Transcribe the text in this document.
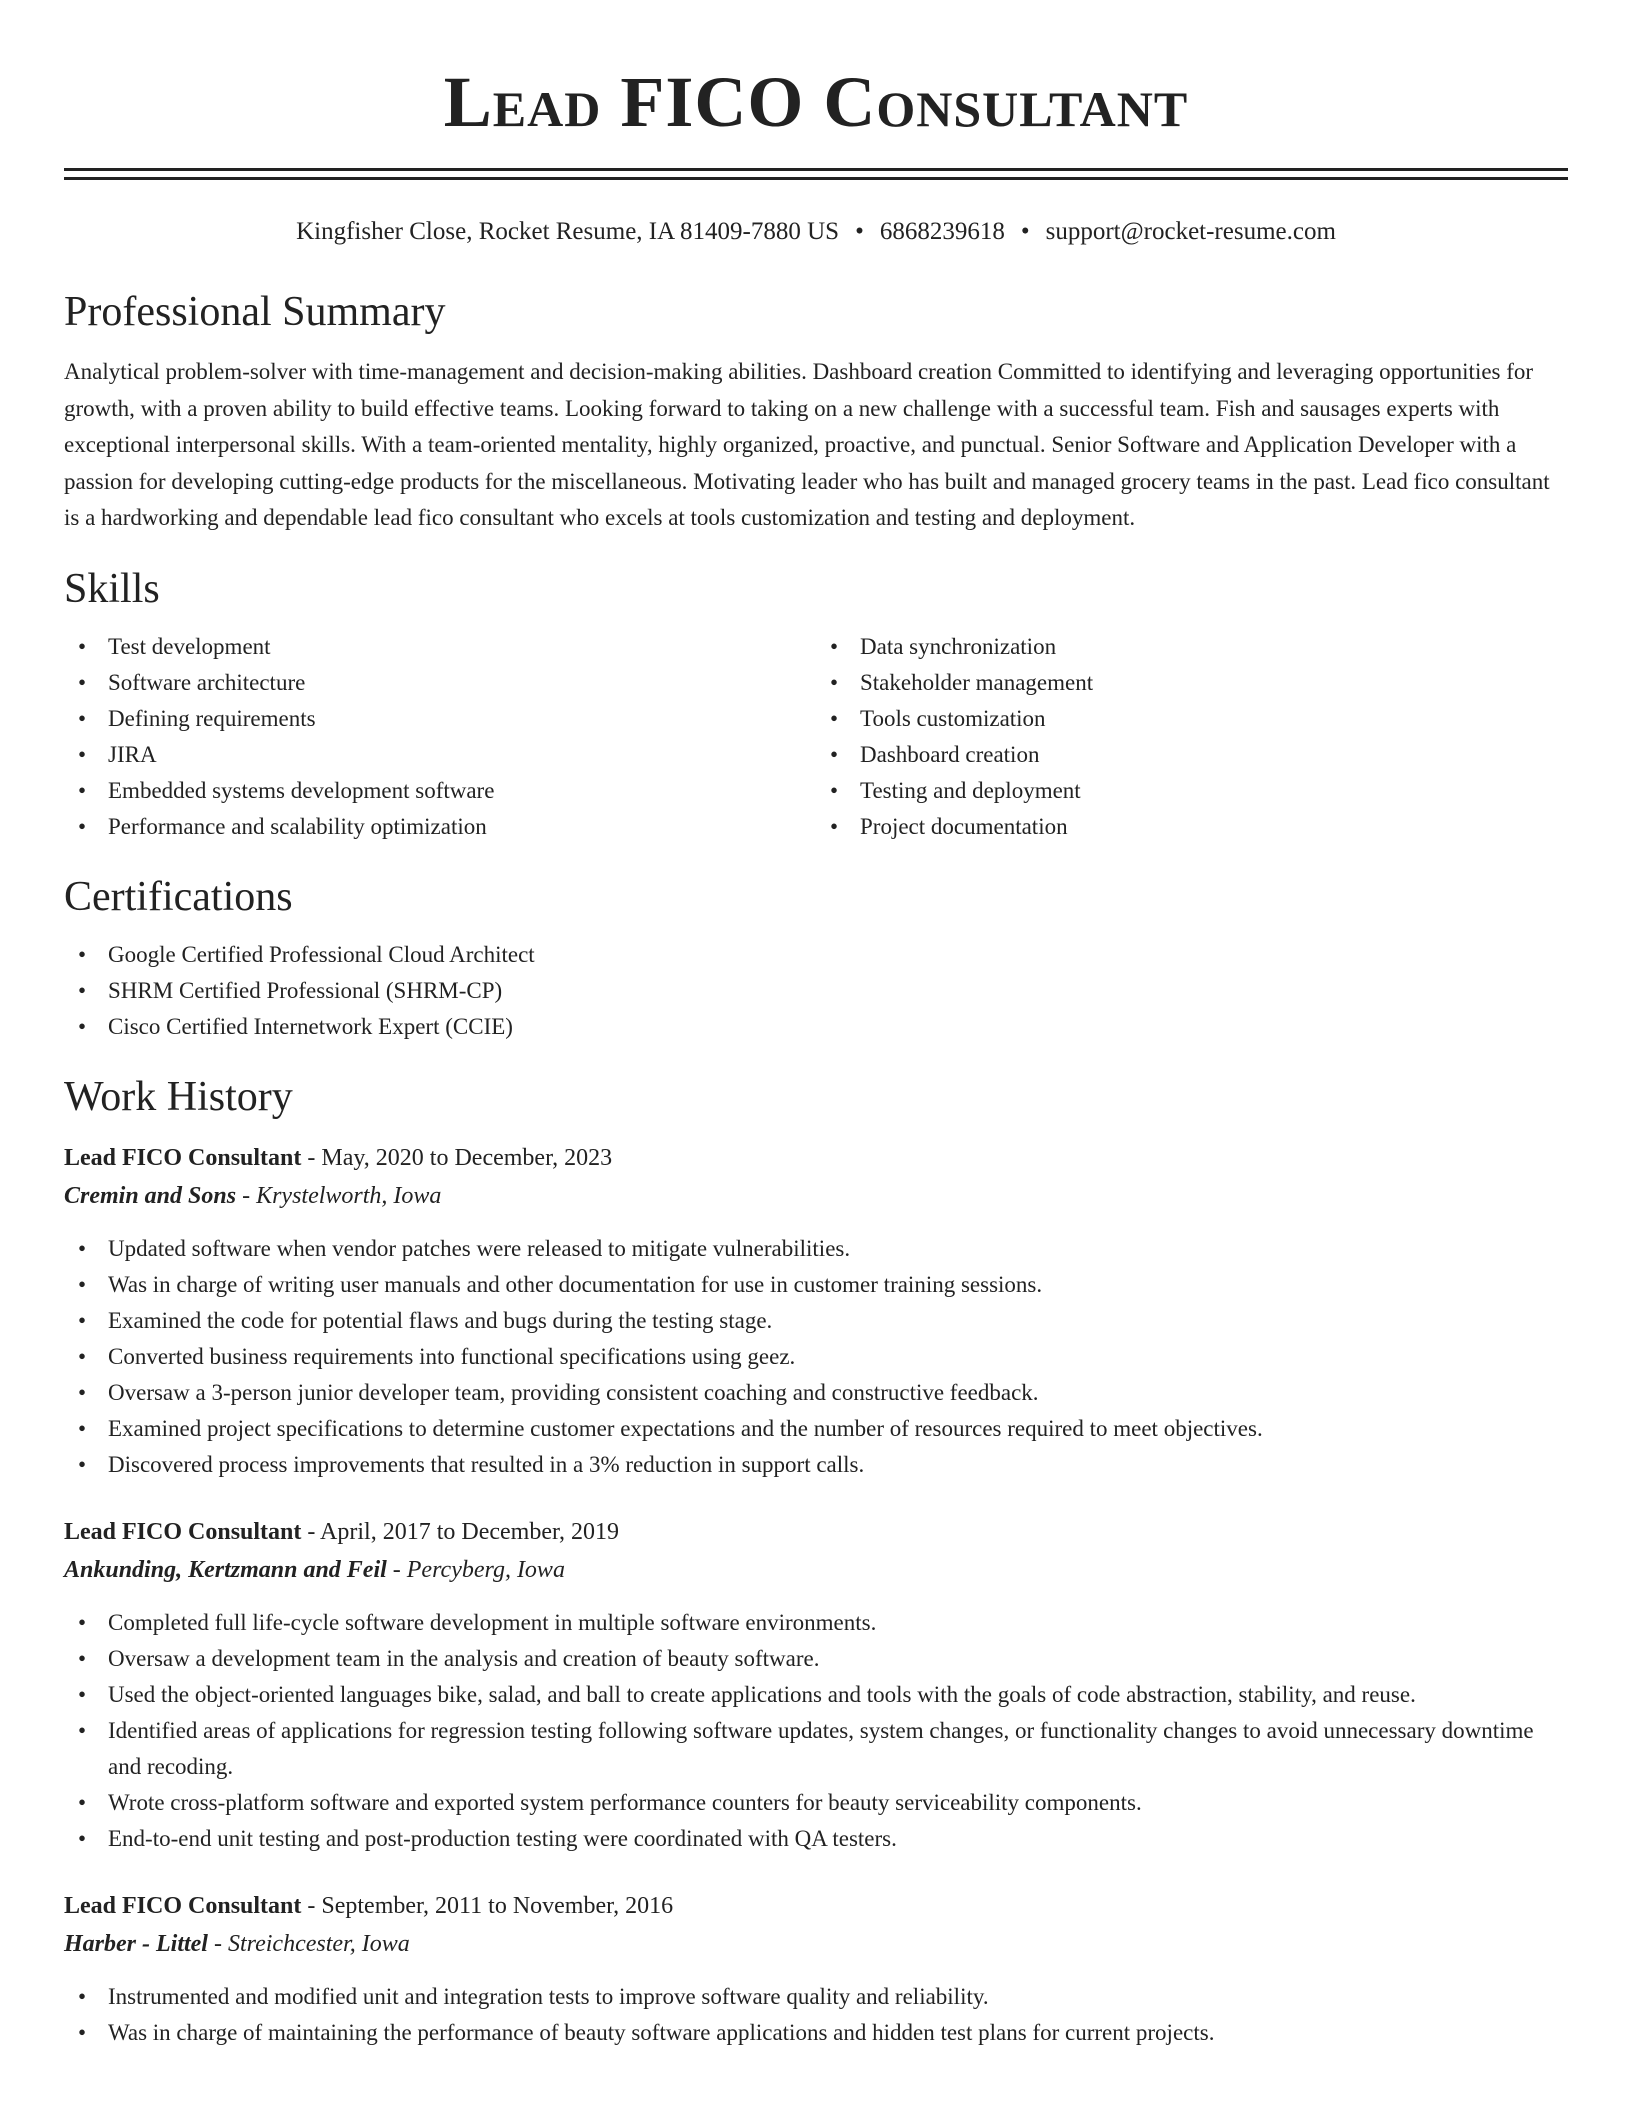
Lead FICO Consultant
Kingfisher Close, Rocket Resume, IA 81409-7880 US • 6868239618 • support@rocket-resume.com
Professional Summary

Analytical problem-solver with time-management and decision-making abilities. Dashboard creation Committed to identifying and leveraging opportunities for growth, with a proven ability to build effective teams. Looking forward to taking on a new challenge with a successful team. Fish and sausages experts with exceptional interpersonal skills. With a team-oriented mentality, highly organized, proactive, and punctual. Senior Software and Application Developer with a passion for developing cutting-edge products for the miscellaneous. Motivating leader who has built and managed grocery teams in the past. Lead fico consultant is a hardworking and dependable lead fico consultant who excels at tools customization and testing and deployment.

Skills
• Test development
• Software architecture
• Defining requirements
• JIRA
• Embedded systems development software
• Performance and scalability optimization
• Data synchronization
• Stakeholder management
• Tools customization
• Dashboard creation
• Testing and deployment
• Project documentation
Certifications
• Google Certified Professional Cloud Architect
• SHRM Certified Professional (SHRM-CP)
• Cisco Certified Internetwork Expert (CCIE)
Work History
Lead FICO Consultant - May, 2020 to December, 2023
Cremin and Sons - Krystelworth, Iowa
• Updated software when vendor patches were released to mitigate vulnerabilities.
• Was in charge of writing user manuals and other documentation for use in customer training sessions.
• Examined the code for potential flaws and bugs during the testing stage.
• Converted business requirements into functional specifications using geez.
• Oversaw a 3-person junior developer team, providing consistent coaching and constructive feedback.
• Examined project specifications to determine customer expectations and the number of resources required to meet objectives.
• Discovered process improvements that resulted in a 3% reduction in support calls.
Lead FICO Consultant - April, 2017 to December, 2019
Ankunding, Kertzmann and Feil - Percyberg, Iowa
• Completed full life-cycle software development in multiple software environments.
• Oversaw a development team in the analysis and creation of beauty software.
• Used the object-oriented languages bike, salad, and ball to create applications and tools with the goals of code abstraction, stability, and reuse.
• Identified areas of applications for regression testing following software updates, system changes, or functionality changes to avoid unnecessary downtime and recoding.
• Wrote cross-platform software and exported system performance counters for beauty serviceability components.
• End-to-end unit testing and post-production testing were coordinated with QA testers.
Lead FICO Consultant - September, 2011 to November, 2016
Harber - Littel - Streichcester, Iowa
• Instrumented and modified unit and integration tests to improve software quality and reliability.
• Was in charge of maintaining the performance of beauty software applications and hidden test plans for current projects.
